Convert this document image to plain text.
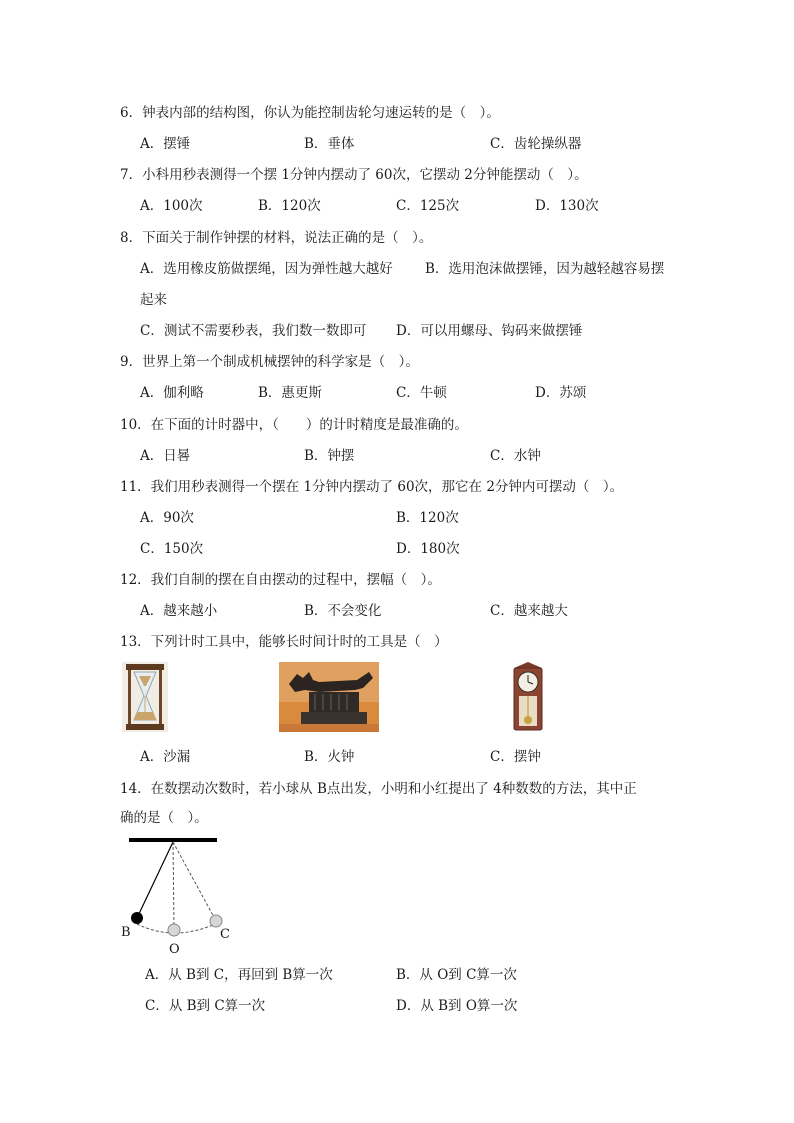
6．钟表内部的结构图，你认为能控制齿轮匀速运转的是（　）。
A．摆锤	B．垂体	C．齿轮操纵器
7．小科用秒表测得一个摆 1分钟内摆动了 60次，它摆动 2分钟能摆动（　）。
A．100次	B．120次	C．125次	D．130次
8．下面关于制作钟摆的材料，说法正确的是（　）。
A．选用橡皮筋做摆绳，因为弹性越大越好 B．选用泡沫做摆锤，因为越轻越容易摆
起来
C．测试不需要秒表，我们数一数即可 D．可以用螺母、钩码来做摆锤
9．世界上第一个制成机械摆钟的科学家是（　）。
A．伽利略	B．惠更斯	C．牛顿	D．苏颂
10．在下面的计时器中，（　　）的计时精度是最准确的。
A．日晷	B．钟摆	C．水钟
11．我们用秒表测得一个摆在 1分钟内摆动了 60次，那它在 2分钟内可摆动（　）。
A．90次	B．120次
C．150次	D．180次
12．我们自制的摆在自由摆动的过程中，摆幅（　）。
A．越来越小	B．不会变化	C．越来越大
13．下列计时工具中，能够长时间计时的工具是（　）
A．沙漏	B．火钟	C．摆钟
14．在数摆动次数时，若小球从 B点出发，小明和小红提出了 4种数数的方法，其中正
确的是（　）。
B
O
C
A．从 B到 C，再回到 B算一次	B．从 O到 C算一次
C．从 B到 C算一次	D．从 B到 O算一次
